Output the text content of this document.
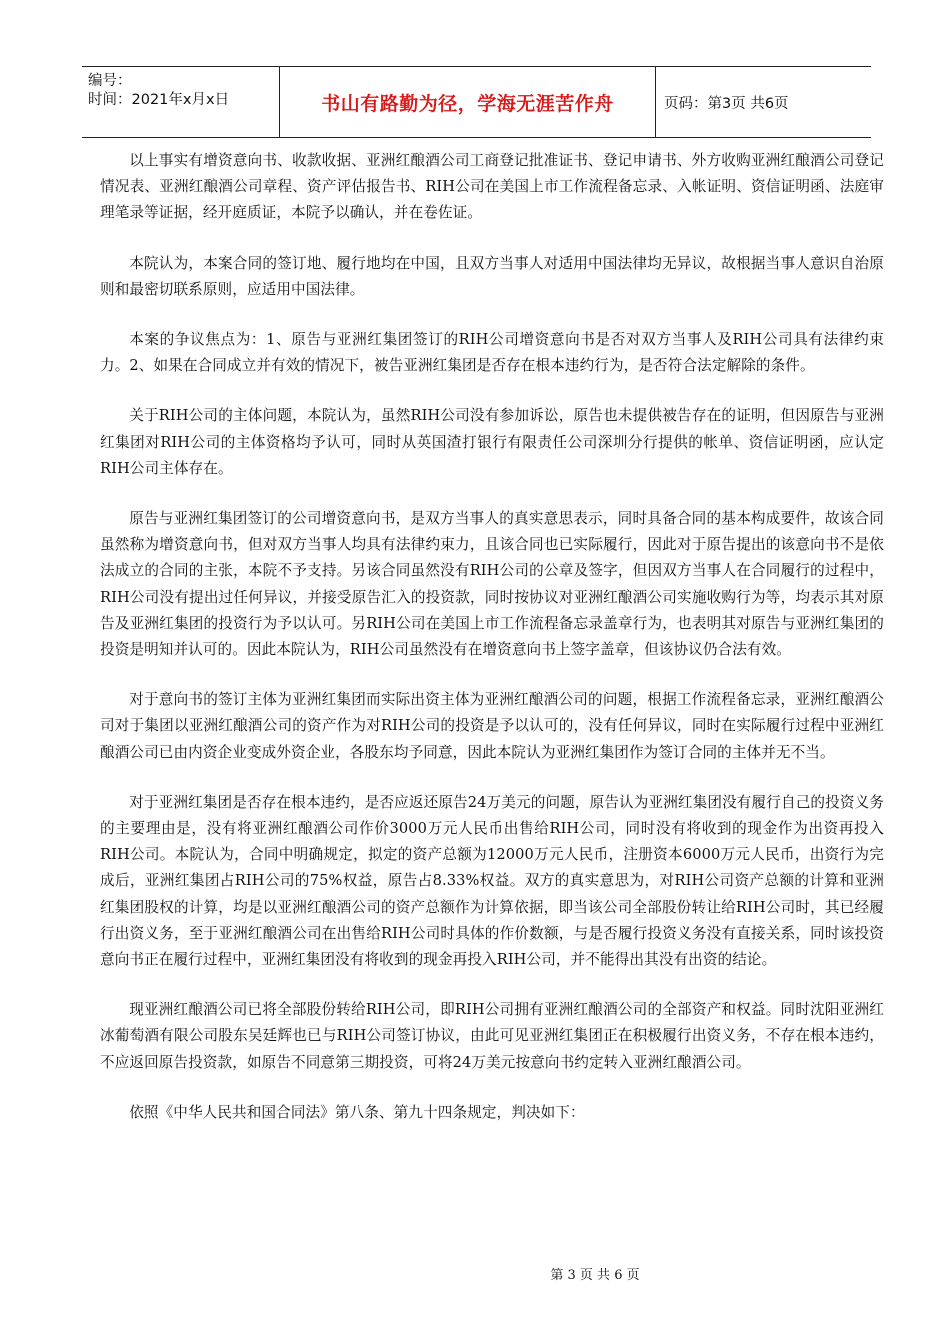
编号：
时间：2021年x月x日	书山有路勤为径，学海无涯苦作舟	页码：第3页 共6页

以上事实有增资意向书、收款收据、亚洲红酿酒公司工商登记批准证书、登记申请书、外方收购亚洲红酿酒公司登记情况表、亚洲红酿酒公司章程、资产评估报告书、RIH公司在美国上市工作流程备忘录、入帐证明、资信证明函、法庭审理笔录等证据，经开庭质证，本院予以确认，并在卷佐证。

本院认为，本案合同的签订地、履行地均在中国，且双方当事人对适用中国法律均无异议，故根据当事人意识自治原则和最密切联系原则，应适用中国法律。

本案的争议焦点为：1、原告与亚洲红集团签订的RIH公司增资意向书是否对双方当事人及RIH公司具有法律约束力。2、如果在合同成立并有效的情况下，被告亚洲红集团是否存在根本违约行为，是否符合法定解除的条件。

关于RIH公司的主体问题，本院认为，虽然RIH公司没有参加诉讼，原告也未提供被告存在的证明，但因原告与亚洲红集团对RIH公司的主体资格均予认可，同时从英国渣打银行有限责任公司深圳分行提供的帐单、资信证明函，应认定RIH公司主体存在。

原告与亚洲红集团签订的公司增资意向书，是双方当事人的真实意思表示，同时具备合同的基本构成要件，故该合同虽然称为增资意向书，但对双方当事人均具有法律约束力，且该合同也已实际履行，因此对于原告提出的该意向书不是依法成立的合同的主张，本院不予支持。另该合同虽然没有RIH公司的公章及签字，但因双方当事人在合同履行的过程中，RIH公司没有提出过任何异议，并接受原告汇入的投资款，同时按协议对亚洲红酿酒公司实施收购行为等，均表示其对原告及亚洲红集团的投资行为予以认可。另RIH公司在美国上市工作流程备忘录盖章行为，也表明其对原告与亚洲红集团的投资是明知并认可的。因此本院认为，RIH公司虽然没有在增资意向书上签字盖章，但该协议仍合法有效。

对于意向书的签订主体为亚洲红集团而实际出资主体为亚洲红酿酒公司的问题，根据工作流程备忘录，亚洲红酿酒公司对于集团以亚洲红酿酒公司的资产作为对RIH公司的投资是予以认可的，没有任何异议，同时在实际履行过程中亚洲红酿酒公司已由内资企业变成外资企业，各股东均予同意，因此本院认为亚洲红集团作为签订合同的主体并无不当。

对于亚洲红集团是否存在根本违约，是否应返还原告24万美元的问题，原告认为亚洲红集团没有履行自己的投资义务的主要理由是，没有将亚洲红酿酒公司作价3000万元人民币出售给RIH公司，同时没有将收到的现金作为出资再投入RIH公司。本院认为，合同中明确规定，拟定的资产总额为12000万元人民币，注册资本6000万元人民币，出资行为完成后，亚洲红集团占RIH公司的75%权益，原告占8.33%权益。双方的真实意思为，对RIH公司资产总额的计算和亚洲红集团股权的计算，均是以亚洲红酿酒公司的资产总额作为计算依据，即当该公司全部股份转让给RIH公司时，其已经履行出资义务，至于亚洲红酿酒公司在出售给RIH公司时具体的作价数额，与是否履行投资义务没有直接关系，同时该投资意向书正在履行过程中，亚洲红集团没有将收到的现金再投入RIH公司，并不能得出其没有出资的结论。

现亚洲红酿酒公司已将全部股份转给RIH公司，即RIH公司拥有亚洲红酿酒公司的全部资产和权益。同时沈阳亚洲红冰葡萄酒有限公司股东吴廷辉也已与RIH公司签订协议，由此可见亚洲红集团正在积极履行出资义务，不存在根本违约，不应返回原告投资款，如原告不同意第三期投资，可将24万美元按意向书约定转入亚洲红酿酒公司。

依照《中华人民共和国合同法》第八条、第九十四条规定，判决如下：

第 3 页 共 6 页
